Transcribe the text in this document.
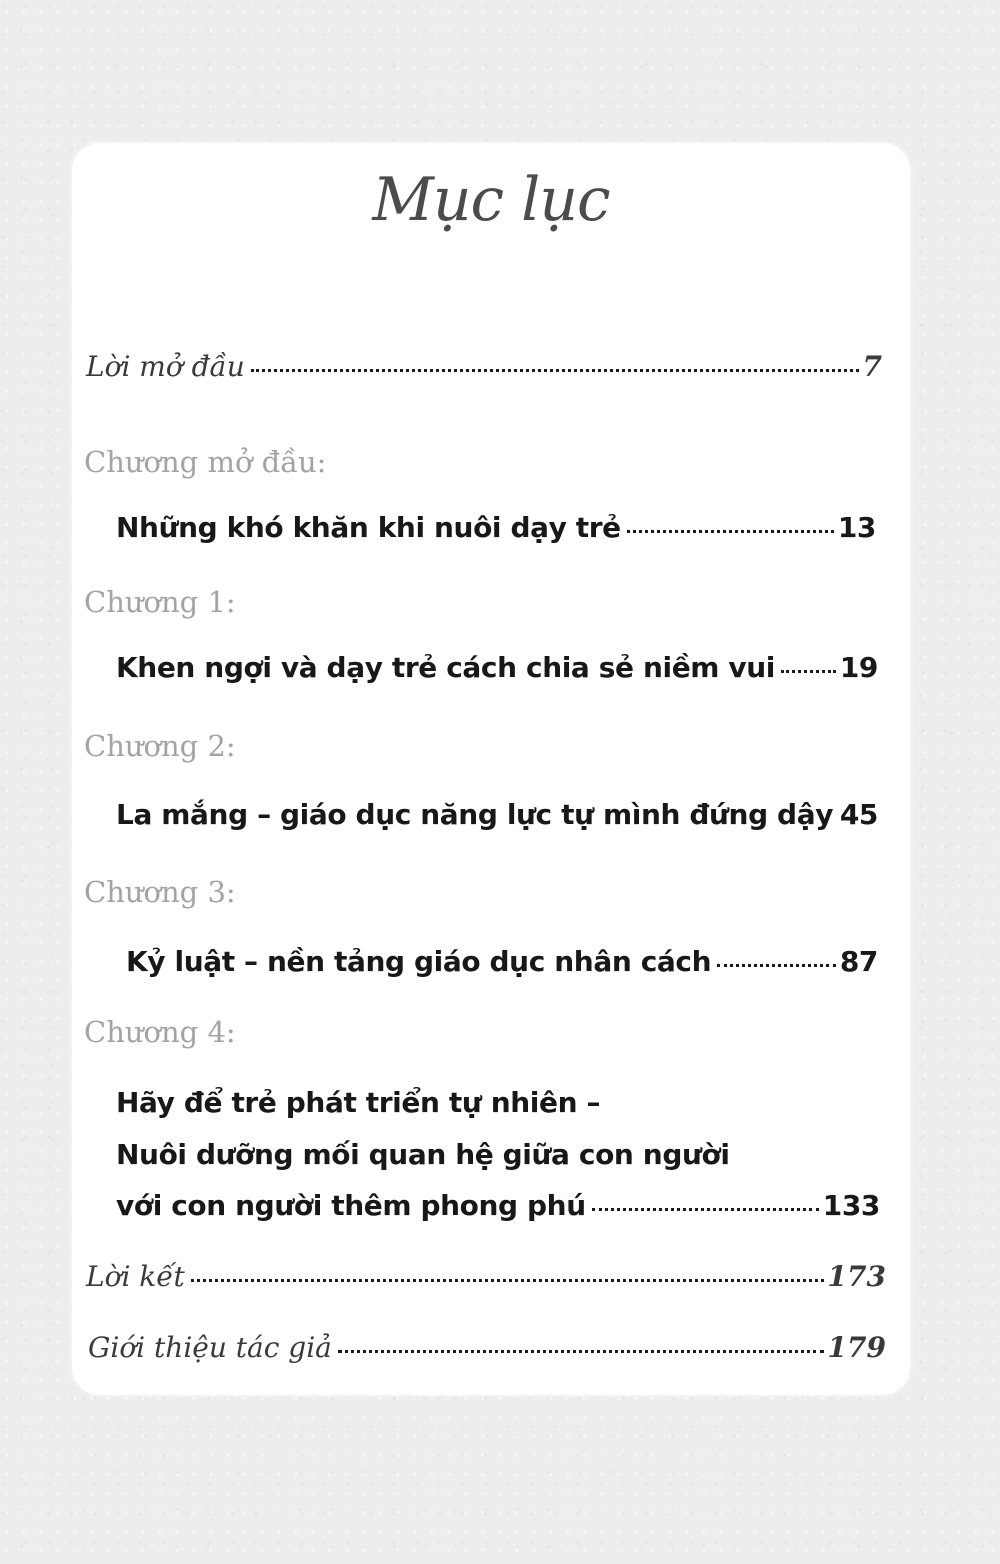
Mục lục
Lời mở đầu	7
Chương mở đầu:
Những khó khăn khi nuôi dạy trẻ	13
Chương 1:
Khen ngợi và dạy trẻ cách chia sẻ niềm vui 19
Chương 2:
La mắng – giáo dục năng lực tự mình đứng dậy 45
Chương 3:
Kỷ luật – nền tảng giáo dục nhân cách	87
Chương 4:
Hãy để trẻ phát triển tự nhiên –
Nuôi dưỡng mối quan hệ giữa con người
với con người thêm phong phú	133
Lời kết	173
Giới thiệu tác giả	179
